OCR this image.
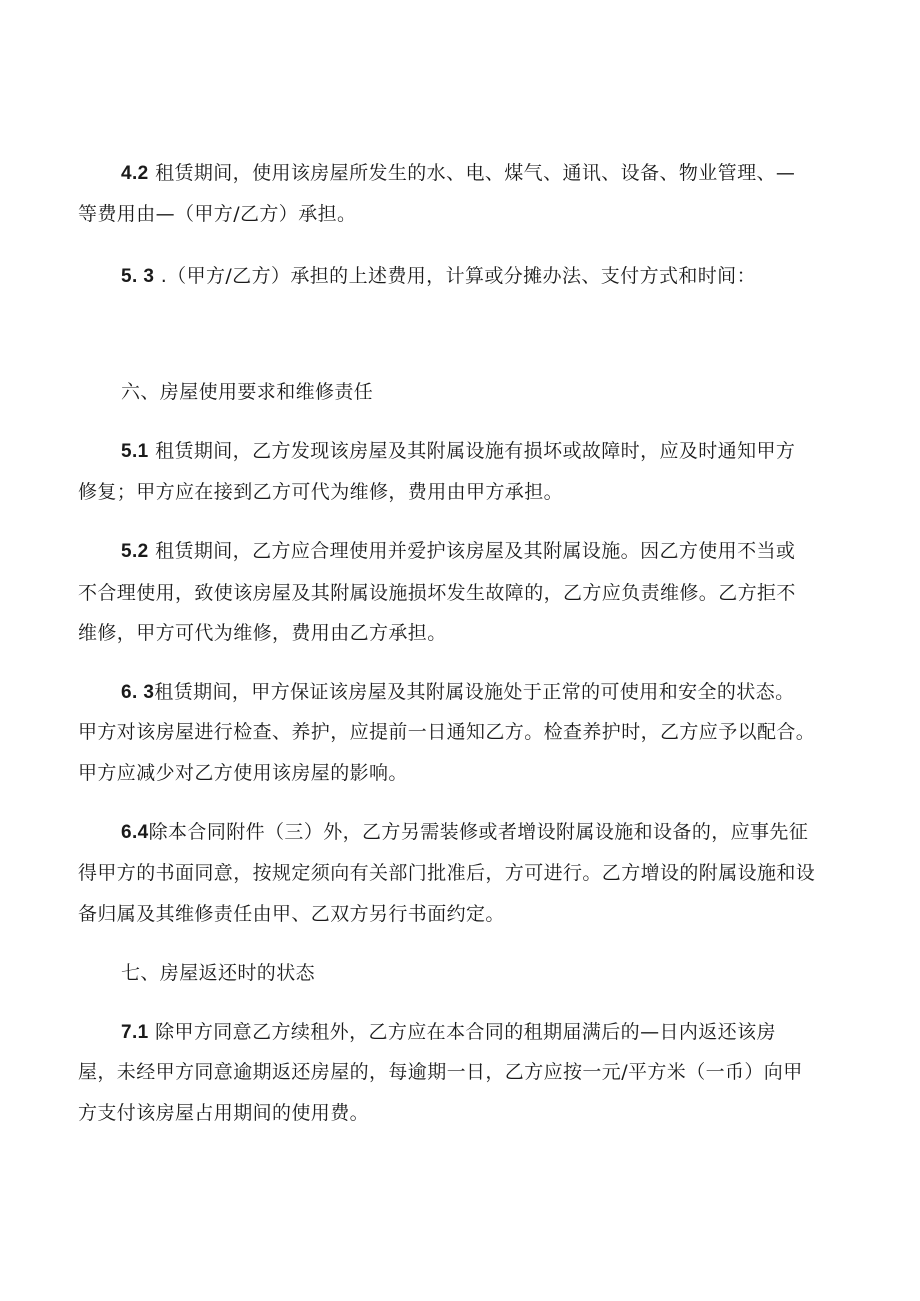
4.2 租赁期间，使用该房屋所发生的水、电、煤气、通讯、设备、物业管理、—
等费用由—（甲方/乙方）承担。
5. 3 .（甲方/乙方）承担的上述费用，计算或分摊办法、支付方式和时间：
六、房屋使用要求和维修责任
5.1 租赁期间，乙方发现该房屋及其附属设施有损坏或故障时，应及时通知甲方
修复；甲方应在接到乙方可代为维修，费用由甲方承担。
5.2 租赁期间，乙方应合理使用并爱护该房屋及其附属设施。因乙方使用不当或
不合理使用，致使该房屋及其附属设施损坏发生故障的，乙方应负责维修。乙方拒不
维修，甲方可代为维修，费用由乙方承担。
6. 3租赁期间，甲方保证该房屋及其附属设施处于正常的可使用和安全的状态。
甲方对该房屋进行检查、养护，应提前一日通知乙方。检查养护时，乙方应予以配合。
甲方应减少对乙方使用该房屋的影响。
6.4除本合同附件（三）外，乙方另需装修或者增设附属设施和设备的，应事先征
得甲方的书面同意，按规定须向有关部门批准后，方可进行。乙方增设的附属设施和设
备归属及其维修责任由甲、乙双方另行书面约定。
七、房屋返还时的状态
7.1 除甲方同意乙方续租外，乙方应在本合同的租期届满后的—日内返还该房
屋，未经甲方同意逾期返还房屋的，每逾期一日，乙方应按一元/平方米（一币）向甲
方支付该房屋占用期间的使用费。
